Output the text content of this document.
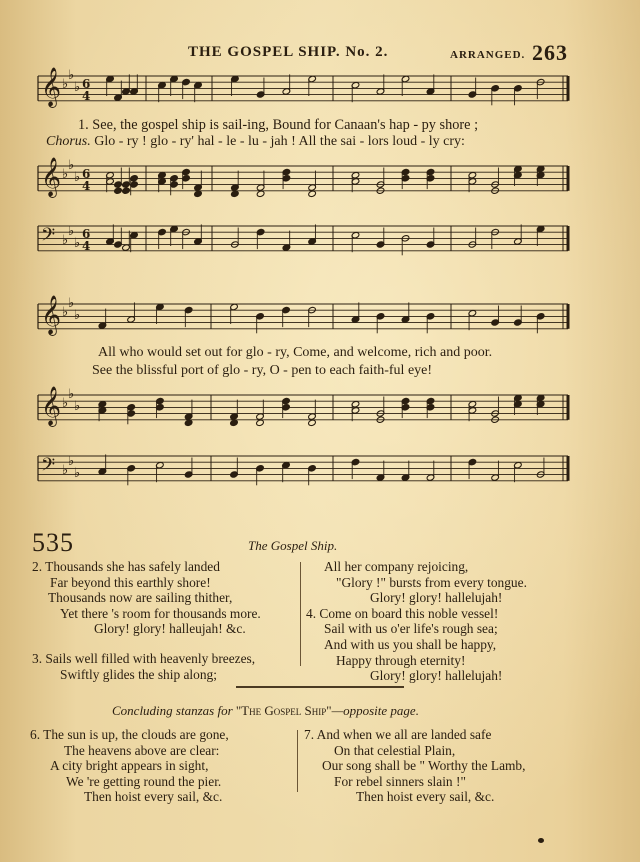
THE GOSPEL SHIP. No. 2.	ARRANGED. 263
𝄞 ♭
♭
♭ 6
4
𝄞 ♭
♭
♭ 6
4
𝄢 ♭
♭
♭
6
4
𝄞 ♭
♭
♭
𝄞 ♭
♭
♭
𝄢 ♭
♭
♭
1. See, the gospel ship is sail-ing, Bound for Canaan's hap - py shore ;
Chorus. Glo - ry ! glo - ry' hal - le - lu - jah ! All the sai - lors loud - ly cry:
All who would set out for glo - ry, Come, and welcome, rich and poor.
See the blissful port of glo - ry, O - pen to each faith-ful eye!
535	The Gospel Ship.
2. Thousands she has safely landed
Far beyond this earthly shore!
Thousands now are sailing thither,
Yet there 's room for thousands more.
Glory! glory! halleujah! &c.
3. Sails well filled with heavenly breezes,
Swiftly glides the ship along;
All her company rejoicing,
"Glory !" bursts from every tongue.
Glory! glory! hallelujah!
4. Come on board this noble vessel!
Sail with us o'er life's rough sea;
And with us you shall be happy,
Happy through eternity!
Glory! glory! hallelujah!
Concluding stanzas for "The Gospel Ship"—opposite page.
6. The sun is up, the clouds are gone,
The heavens above are clear:
A city bright appears in sight,
We 're getting round the pier.
Then hoist every sail, &c.
7. And when we all are landed safe
On that celestial Plain,
Our song shall be " Worthy the Lamb,
For rebel sinners slain !"
Then hoist every sail, &c.
